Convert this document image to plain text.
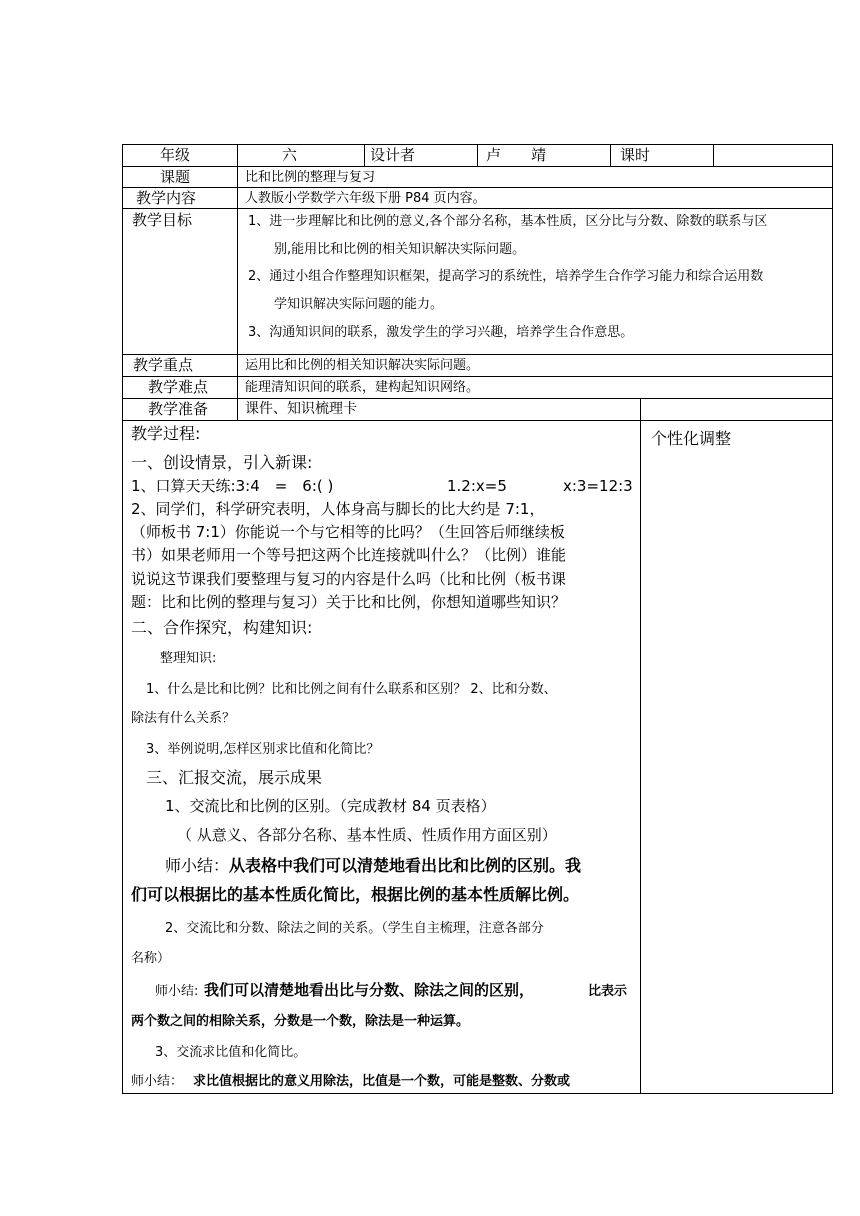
年级	六	设计者	卢　　靖	课时
课题	比和比例的整理与复习
教学内容	人教版小学数学六年级下册 P84 页内容。
教学目标	1、进一步理解比和比例的意义,各个部分名称，基本性质，区分比与分数、除数的联系与区
别,能用比和比例的相关知识解决实际问题。
2、通过小组合作整理知识框架，提高学习的系统性，培养学生合作学习能力和综合运用数
学知识解决实际问题的能力。
3、沟通知识间的联系，激发学生的学习兴趣，培养学生合作意思。
教学重点	运用比和比例的相关知识解决实际问题。
教学难点	能理清知识间的联系，建构起知识网络。
教学准备	课件、知识梳理卡
个性化调整
教学过程:
一、创设情景，引入新课:
1、口算天天练:3:4　=　6:( )	1.2:x=5	x:3=12:3
2、同学们，科学研究表明，人体身高与脚长的比大约是 7:1，
（师板书 7:1）你能说一个与它相等的比吗？（生回答后师继续板
书）如果老师用一个等号把这两个比连接就叫什么？（比例）谁能
说说这节课我们要整理与复习的内容是什么吗（比和比例（板书课
题：比和比例的整理与复习）关于比和比例，你想知道哪些知识？
二、合作探究，构建知识:
整理知识:
1、什么是比和比例？比和比例之间有什么联系和区别？ 2、比和分数、
除法有什么关系？
3、举例说明,怎样区别求比值和化简比？
三、汇报交流，展示成果
1、交流比和比例的区别。（完成教材 84 页表格）
（ 从意义、各部分名称、基本性质、性质作用方面区别）
师小结： 从表格中我们可以清楚地看出比和比例的区别。我
们可以根据比的基本性质化简比，根据比例的基本性质解比例。
2、交流比和分数、除法之间的关系。（学生自主梳理，注意各部分
名称）
师小结: 我们可以清楚地看出比与分数、除法之间的区别，	比表示
两个数之间的相除关系，分数是一个数，除法是一种运算。
3、交流求比值和化简比。
师小结： 求比值根据比的意义用除法，比值是一个数，可能是整数、分数或
